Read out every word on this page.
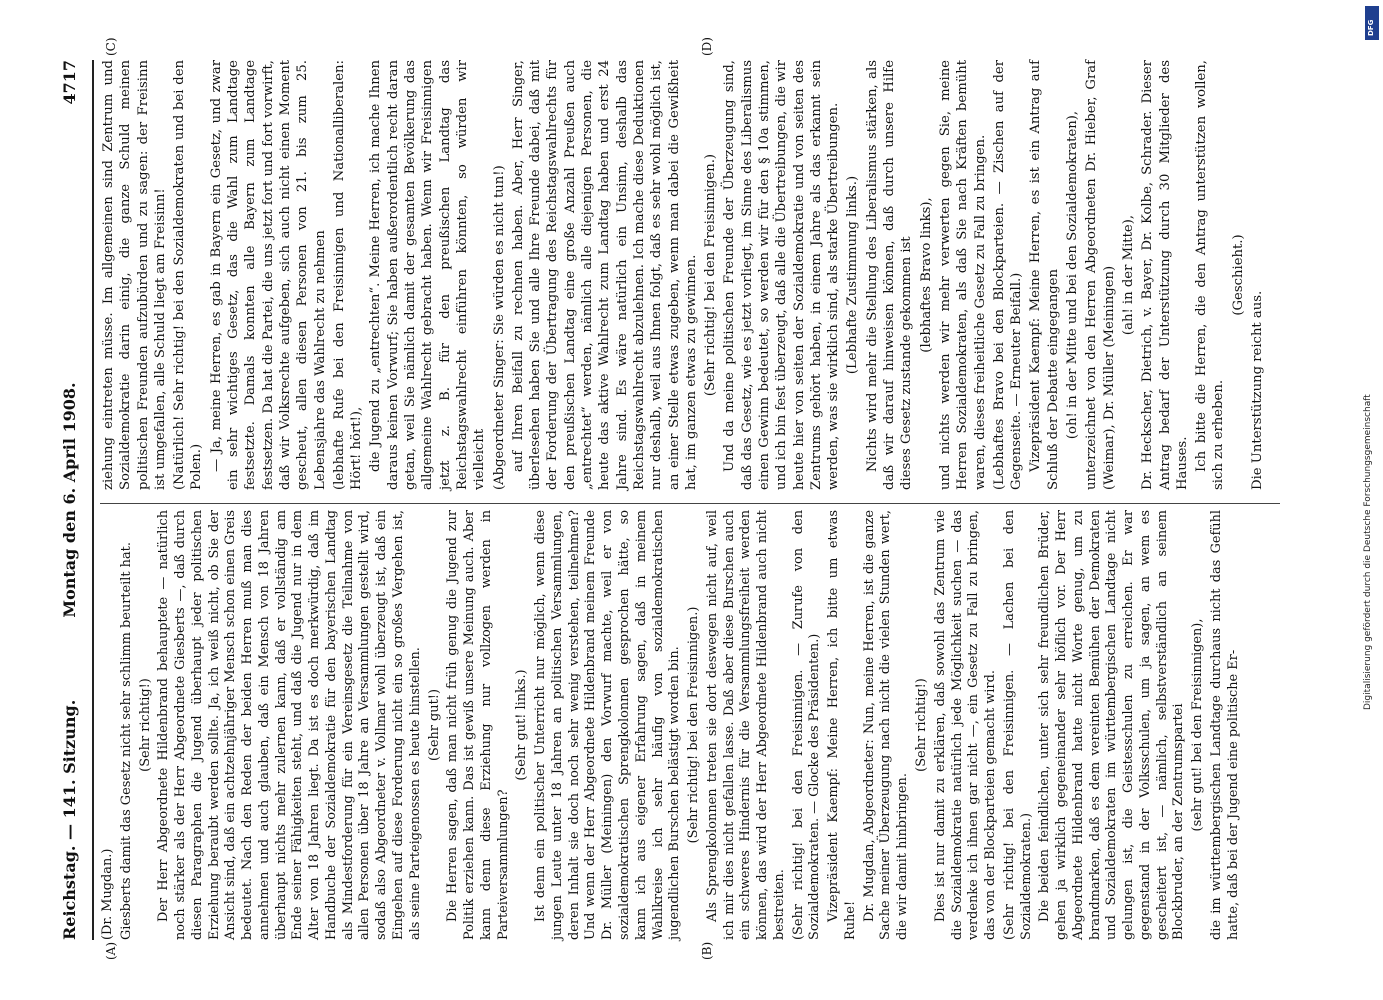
Reichstag. — 141. Sitzung.
Montag den 6. April 1908.
4717
(A)	(B)
(C)	(D)

(Dr. Mugdan.) Giesberts damit das Gesetz nicht sehr schlimm beurteilt hat. (Sehr richtig!) Der Herr Abgeordnete Hildenbrand behauptete — natürlich noch stärker als der Herr Abgeordnete Giesberts —, daß durch diesen Paragraphen die Jugend überhaupt jeder politischen Erziehung beraubt werden sollte. Ja, ich weiß nicht, ob Sie der Ansicht sind, daß ein achtzehnjähriger Mensch schon einen Greis bedeutet. Nach den Reden der beiden Herren muß man dies annehmen und auch glauben, daß ein Mensch von 18 Jahren überhaupt nichts mehr zulernen kann, daß er vollständig am Ende seiner Fähigkeiten steht, und daß die Jugend nur in dem Alter von 18 Jahren liegt. Da ist es doch merkwürdig, daß im Handbuche der Sozialdemokratie für den bayerischen Landtag als Mindestforderung für ein Vereinsgesetz die Teilnahme von allen Personen über 18 Jahre an Versammlungen gestellt wird, sodaß also Abgeordneter v. Vollmar wohl überzeugt ist, daß ein Eingehen auf diese Forderung nicht ein so großes Vergehen ist, als seine Parteigenossen es heute hinstellen. (Sehr gut!) Die Herren sagen, daß man nicht früh genug die Jugend zur Politik erziehen kann. Das ist gewiß unsere Meinung auch. Aber kann denn diese Erziehung nur vollzogen werden in Parteiversammlungen?

(Sehr gut! links.) Ist denn ein politischer Unterricht nur möglich, wenn diese jungen Leute unter 18 Jahren an politischen Versammlungen, deren Inhalt sie doch noch sehr wenig verstehen, teilnehmen? Und wenn der Herr Abgeordnete Hildenbrand meinem Freunde Dr. Müller (Meiningen) den Vorwurf machte, weil er von sozialdemokratischen Sprengkolonnen gesprochen hätte, so kann ich aus eigener Erfahrung sagen, daß in meinem Wahlkreise ich sehr häufig von sozialdemokratischen jugendlichen Burschen belästigt worden bin. (Sehr richtig! bei den Freisinnigen.) Als Sprengkolonnen treten sie dort deswegen nicht auf, weil ich mir dies nicht gefallen lasse. Daß aber diese Burschen auch ein schweres Hindernis für die Versammlungsfreiheit werden können, das wird der Herr Abgeordnete Hildenbrand auch nicht bestreiten. (Sehr richtig! bei den Freisinnigen. — Zurufe von den Sozialdemokraten. — Glocke des Präsidenten.) Vizepräsident Kaempf: Meine Herren, ich bitte um etwas Ruhe! Dr. Mugdan, Abgeordneter: Nun, meine Herren, ist die ganze Sache meiner Überzeugung nach nicht die vielen Stunden wert, die wir damit hinbringen.

(Sehr richtig!) Dies ist nur damit zu erklären, daß sowohl das Zentrum wie die Sozialdemokratie natürlich jede Möglichkeit suchen — das verdenke ich ihnen gar nicht —, ein Gesetz zu Fall zu bringen, das von der Blockparteien gemacht wird. (Sehr richtig! bei den Freisinnigen. — Lachen bei den Sozialdemokraten.) Die beiden feindlichen, unter sich sehr freundlichen Brüder, gehen ja wirklich gegeneinander sehr höflich vor. Der Herr Abgeordnete Hildenbrand hatte nicht Worte genug, um zu brandmarken, daß es dem vereinten Bemühen der Demokraten und Sozialdemokraten im württembergischen Landtage nicht gelungen ist, die Geistesschulen zu erreichen. Er war gegenstand in der Volksschulen, um ja sagen, an wem es gescheitert ist, — nämlich, selbstverständlich an seinem Blockbruder, an der Zentrumspartei (sehr gut! bei den Freisinnigen), die im württembergischen Landtage durchaus nicht das Gefühl hatte, daß bei der Jugend eine politische Er-

ziehung eintreten müsse. Im allgemeinen sind Zentrum und Sozialdemokratie darin einig, die ganze Schuld meinen politischen Freunden aufzubürden und zu sagen: der Freisinn ist umgefallen, alle Schuld liegt am Freisinn! (Natürlich! Sehr richtig! bei den Sozialdemokraten und bei den Polen.) — Ja, meine Herren, es gab in Bayern ein Gesetz, und zwar ein sehr wichtiges Gesetz, das die Wahl zum Landtage festsetzte. Damals konnten alle Bayern zum Landtage festsetzen. Da hat die Partei, die uns jetzt fort und fort vorwirft, daß wir Volksrechte aufgeben, sich auch nicht einen Moment gescheut, allen diesen Personen von 21. bis zum 25. Lebensjahre das Wahlrecht zu nehmen (lebhafte Rufe bei den Freisinnigen und Nationalliberalen: Hört! hört!), die Jugend zu „entrechten“. Meine Herren, ich mache Ihnen daraus keinen Vorwurf; Sie haben außerordentlich recht daran getan, weil Sie nämlich damit der gesamten Bevölkerung das allgemeine Wahlrecht gebracht haben. Wenn wir Freisinnigen jetzt z. B. für den preußischen Landtag das Reichstagswahlrecht einführen könnten, so würden wir vielleicht (Abgeordneter Singer: Sie würden es nicht tun!) auf Ihren Beifall zu rechnen haben. Aber, Herr Singer, überlesehen haben Sie und alle Ihre Freunde dabei, daß mit der Forderung der Übertragung des Reichstagswahlrechts für den preußischen Landtag eine große Anzahl Preußen auch „entrechtet“ werden, nämlich alle diejenigen Personen, die heute das aktive Wahlrecht zum Landtag haben und erst 24 Jahre sind. Es wäre natürlich ein Unsinn, deshalb das Reichstagswahlrecht abzulehnen. Ich mache diese Deduktionen nur deshalb, weil aus Ihnen folgt, daß es sehr wohl möglich ist, an einer Stelle etwas zugeben, wenn man dabei die Gewißheit hat, im ganzen etwas zu gewinnen. (Sehr richtig! bei den Freisinnigen.) Und da meine politischen Freunde der Überzeugung sind, daß das Gesetz, wie es jetzt vorliegt, im Sinne des Liberalismus einen Gewinn bedeutet, so werden wir für den § 10a stimmen, und ich bin fest überzeugt, daß alle die Übertreibungen, die wir heute hier von seiten der Sozialdemokratie und von seiten des Zentrums gehört haben, in einem Jahre als das erkannt sein werden, was sie wirklich sind, als starke Übertreibungen. (Lebhafte Zustimmung links.) Nichts wird mehr die Stellung des Liberalismus stärken, als daß wir darauf hinweisen können, daß durch unsere Hilfe dieses Gesetz zustande gekommen ist (lebhaftes Bravo links), und nichts werden wir mehr verwerten gegen Sie, meine Herren Sozialdemokraten, als daß Sie nach Kräften bemüht waren, dieses freiheitliche Gesetz zu Fall zu bringen. (Lebhaftes Bravo bei den Blockparteien. — Zischen auf der Gegenseite. — Erneuter Beifall.) Vizepräsident Kaempf: Meine Herren, es ist ein Antrag auf Schluß der Debatte eingegangen (oh! in der Mitte und bei den Sozialdemokraten), unterzeichnet von den Herren Abgeordneten Dr. Hieber, Graf (Weimar), Dr. Müller (Meiningen) (ah! in der Mitte), Dr. Heckscher, Dietrich, v. Bayer, Dr. Kolbe, Schrader. Dieser Antrag bedarf der Unterstützung durch 30 Mitglieder des Hauses. Ich bitte die Herren, die den Antrag unterstützen wollen, sich zu erheben.

(Geschieht.)

Die Unterstützung reicht aus.

Digitalisierung gefördert durch die Deutsche Forschungsgemeinschaft
DFG
